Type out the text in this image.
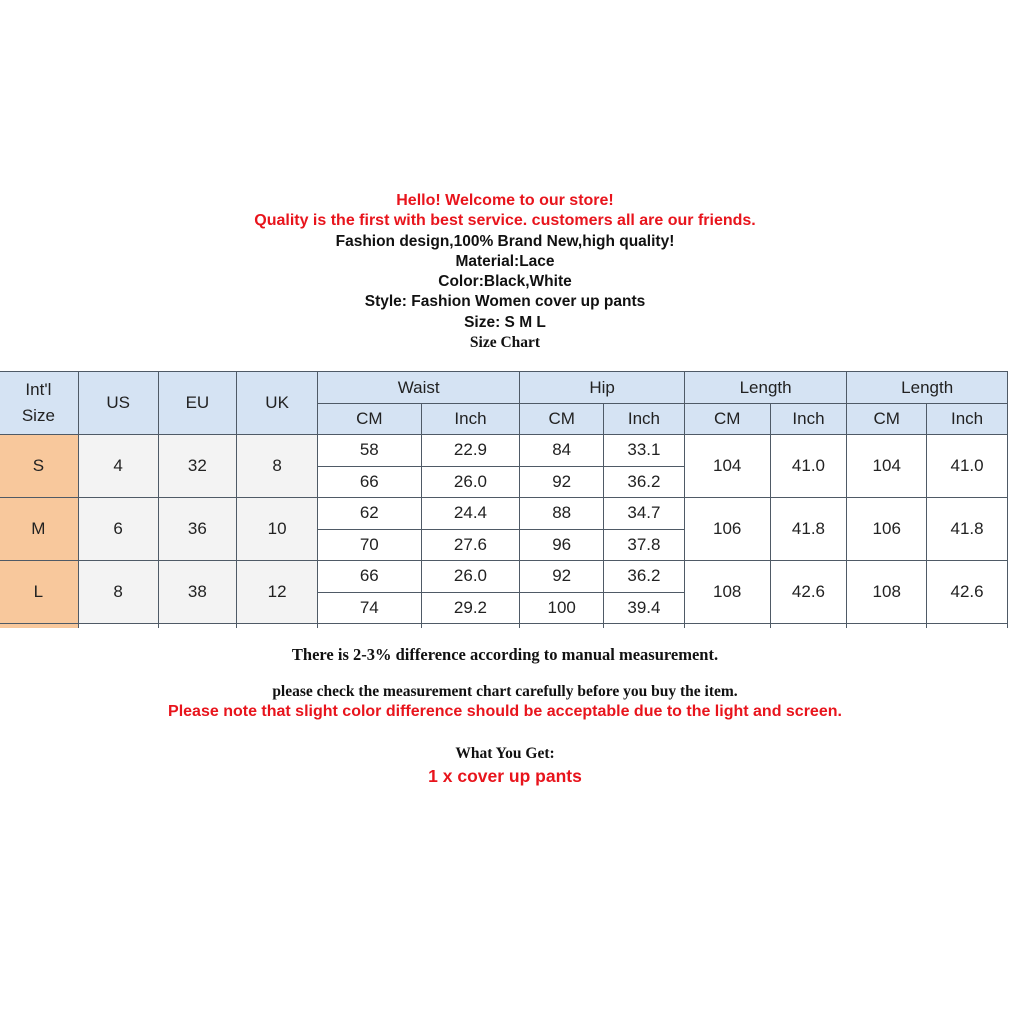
Hello! Welcome to our store!
Quality is the first with best service. customers all are our friends.
Fashion design,100% Brand New,high quality!
Material:Lace
Color:Black,White
Style: Fashion Women cover up pants
Size: S M L
Size Chart
Int'l
Size	US	EU	UK	Waist		Hip		Length		Length	
				CM	Inch	CM	Inch	CM	Inch	CM	Inch
S	4	32	8	58	22.9	84	33.1	104	41.0	104	41.0
				66	26.0	92	36.2				
M	6	36	10	62	24.4	88	34.7	106	41.8	106	41.8
				70	27.6	96	37.8				
L	8	38	12	66	26.0	92	36.2	108	42.6	108	42.6
				74	29.2	100	39.4				

There is 2-3% difference according to manual measurement.
please check the measurement chart carefully before you buy the item.
Please note that slight color difference should be acceptable due to the light and screen.
What You Get:
1 x cover up pants
